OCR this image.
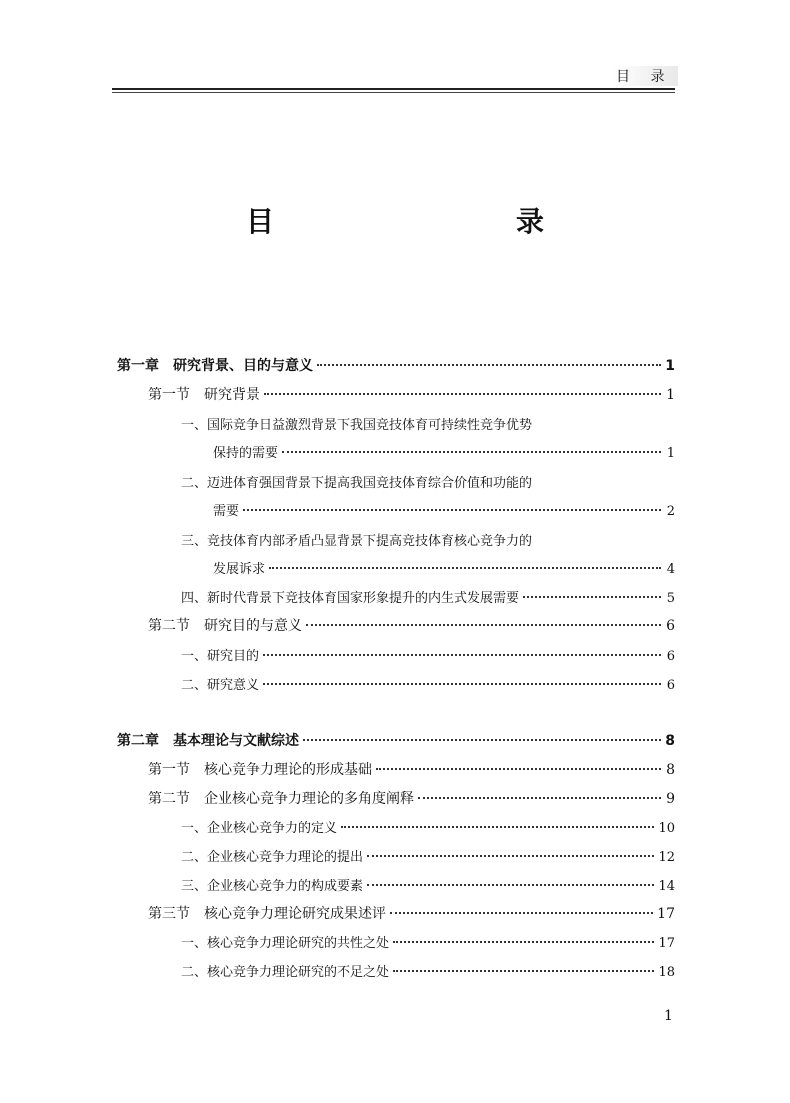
目 录
目　　录
第一章　研究背景、目的与意义	1
第一节　研究背景	1
一、国际竞争日益激烈背景下我国竞技体育可持续性竞争优势
保持的需要	1
二、迈进体育强国背景下提高我国竞技体育综合价值和功能的
需要	2
三、竞技体育内部矛盾凸显背景下提高竞技体育核心竞争力的
发展诉求	4
四、新时代背景下竞技体育国家形象提升的内生式发展需要	5
第二节　研究目的与意义	6
一、研究目的	6
二、研究意义	6
第二章　基本理论与文献综述	8
第一节　核心竞争力理论的形成基础	8
第二节　企业核心竞争力理论的多角度阐释	9
一、企业核心竞争力的定义	10
二、企业核心竞争力理论的提出	12
三、企业核心竞争力的构成要素	14
第三节　核心竞争力理论研究成果述评	17
一、核心竞争力理论研究的共性之处	17
二、核心竞争力理论研究的不足之处	18
1
